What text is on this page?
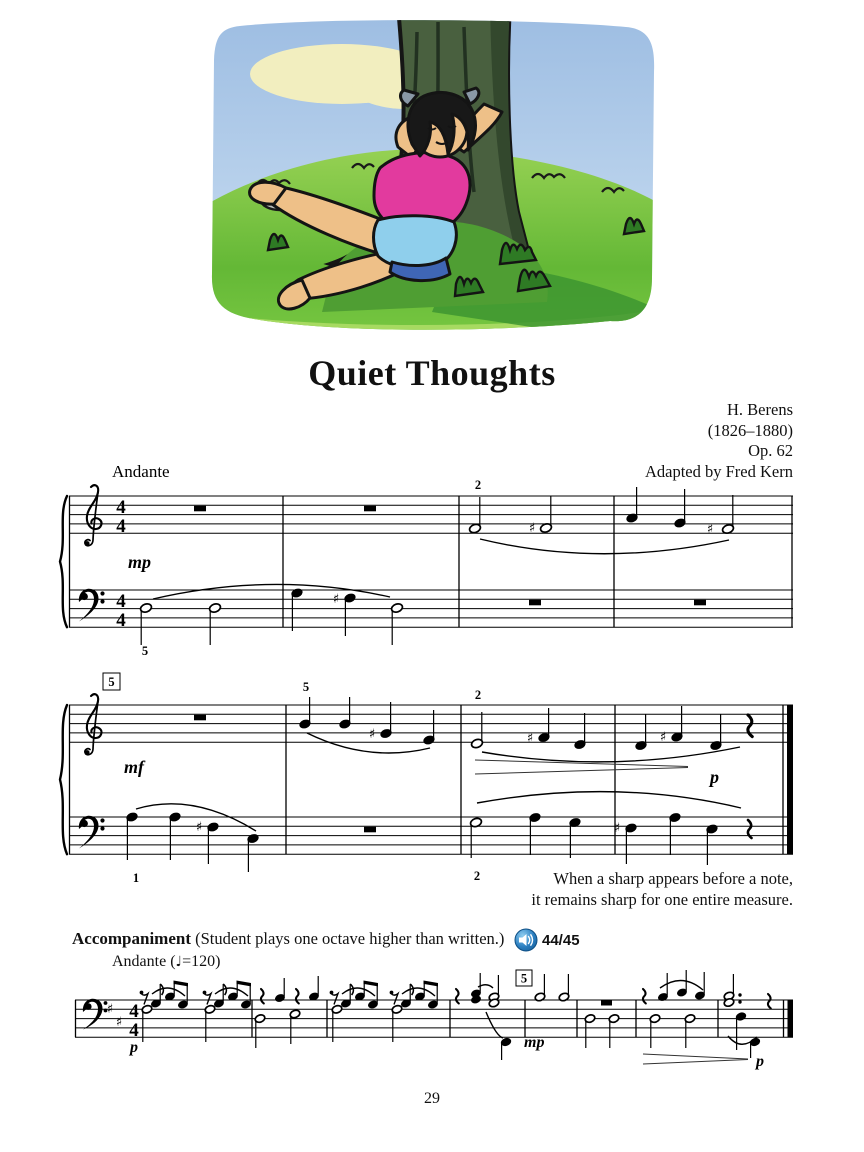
Quiet Thoughts
H. Berens
(1826–1880)
Op. 62
Adapted by Fred Kern
Andante
4
4
4
4
mp
♯
5
2
♯	♯
5
mf
♯
1
5
♯
2
♯	♯
p
♯
2
♯
♯
4
4
p	mp
5
p
When a sharp appears before a note,
it remains sharp for one entire measure.
Accompaniment (Student plays one octave higher than written.)	44/45
Andante (♩=120)
29
